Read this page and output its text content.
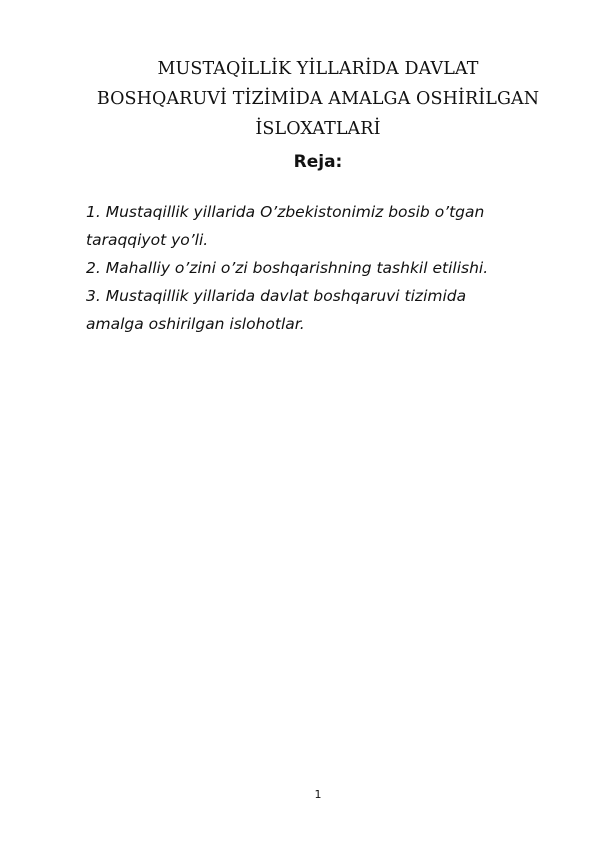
MUSTAQİLLİK YİLLARİDA DAVLAT
BOSHQARUVİ TİZİMİDA AMALGA OSHİRİLGAN
İSLOXATLARİ
Reja:
1. Mustaqillik yillarida O’zbekistonimiz bosib o’tgan
taraqqiyot yo’li.
2. Mahalliy o’zini o’zi boshqarishning tashkil etilishi.
3. Mustaqillik yillarida davlat boshqaruvi tizimida
amalga oshirilgan islohotlar.
1
